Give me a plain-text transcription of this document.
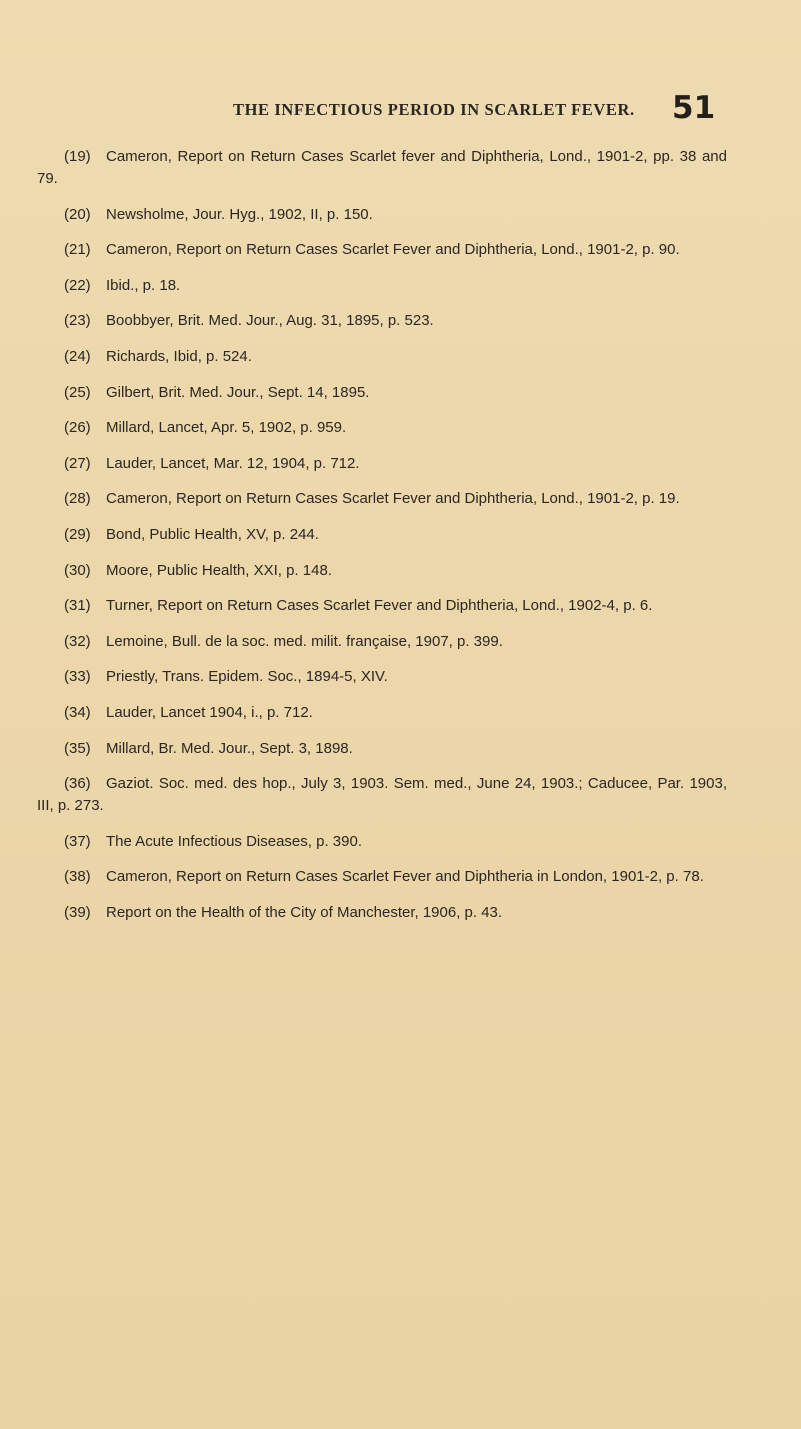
THE INFECTIOUS PERIOD IN SCARLET FEVER. 51

(19) Cameron, Report on Return Cases Scarlet fever and Diphtheria, Lond., 1901-2, pp. 38 and 79.

(20) Newsholme, Jour. Hyg., 1902, II, p. 150.

(21) Cameron, Report on Return Cases Scarlet Fever and Diphtheria, Lond., 1901-2, p. 90.

(22) Ibid., p. 18.

(23) Boobbyer, Brit. Med. Jour., Aug. 31, 1895, p. 523.

(24) Richards, Ibid, p. 524.

(25) Gilbert, Brit. Med. Jour., Sept. 14, 1895.

(26) Millard, Lancet, Apr. 5, 1902, p. 959.

(27) Lauder, Lancet, Mar. 12, 1904, p. 712.

(28) Cameron, Report on Return Cases Scarlet Fever and Diphtheria, Lond., 1901-2, p. 19.

(29) Bond, Public Health, XV, p. 244.

(30) Moore, Public Health, XXI, p. 148.

(31) Turner, Report on Return Cases Scarlet Fever and Diphtheria, Lond., 1902-4, p. 6.

(32) Lemoine, Bull. de la soc. med. milit. française, 1907, p. 399.

(33) Priestly, Trans. Epidem. Soc., 1894-5, XIV.

(34) Lauder, Lancet 1904, i., p. 712.

(35) Millard, Br. Med. Jour., Sept. 3, 1898.

(36) Gaziot. Soc. med. des hop., July 3, 1903. Sem. med., June 24, 1903.; Caducee, Par. 1903, III, p. 273.

(37) The Acute Infectious Diseases, p. 390.

(38) Cameron, Report on Return Cases Scarlet Fever and Diphtheria in London, 1901-2, p. 78.

(39) Report on the Health of the City of Manchester, 1906, p. 43.
